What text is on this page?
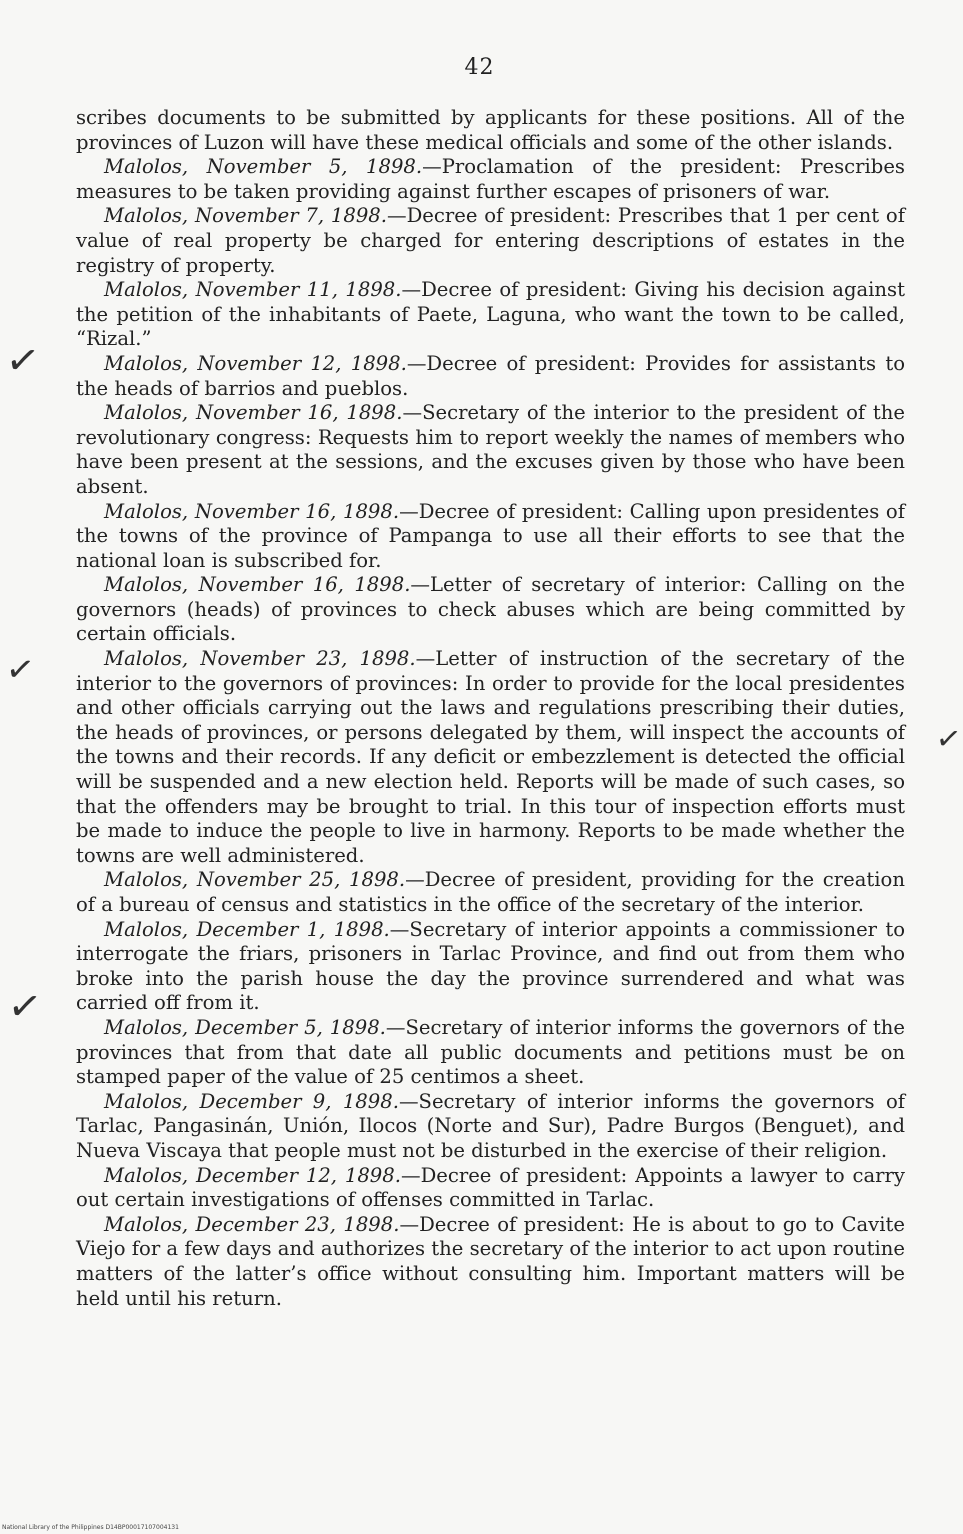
42

scribes documents to be submitted by applicants for these positions. All of the provinces of Luzon will have these medical officials and some of the other islands.

Malolos, November 5, 1898.—Proclamation of the president: Prescribes measures to be taken providing against further escapes of prisoners of war.

Malolos, November 7, 1898.—Decree of president: Prescribes that 1 per cent of value of real property be charged for entering descriptions of estates in the registry of property.

Malolos, November 11, 1898.—Decree of president: Giving his decision against the petition of the inhabitants of Paete, Laguna, who want the town to be called, “Rizal.”

Malolos, November 12, 1898.—Decree of president: Provides for assistants to the heads of barrios and pueblos.

Malolos, November 16, 1898.—Secretary of the interior to the president of the revolutionary congress: Requests him to report weekly the names of members who have been present at the sessions, and the excuses given by those who have been absent.

Malolos, November 16, 1898.—Decree of president: Calling upon presidentes of the towns of the province of Pampanga to use all their efforts to see that the national loan is subscribed for.

Malolos, November 16, 1898.—Letter of secretary of interior: Calling on the governors (heads) of provinces to check abuses which are being committed by certain officials.

Malolos, November 23, 1898.—Letter of instruction of the secretary of the interior to the governors of provinces: In order to provide for the local presidentes and other officials carrying out the laws and regulations prescribing their duties, the heads of provinces, or persons delegated by them, will inspect the accounts of the towns and their records. If any deficit or embezzlement is detected the official will be suspended and a new election held. Reports will be made of such cases, so that the offenders may be brought to trial. In this tour of inspection efforts must be made to induce the people to live in harmony. Reports to be made whether the towns are well administered.

Malolos, November 25, 1898.—Decree of president, providing for the creation of a bureau of census and statistics in the office of the secretary of the interior.

Malolos, December 1, 1898.—Secretary of interior appoints a commissioner to interrogate the friars, prisoners in Tarlac Province, and find out from them who broke into the parish house the day the province surrendered and what was carried off from it.

Malolos, December 5, 1898.—Secretary of interior informs the governors of the provinces that from that date all public documents and petitions must be on stamped paper of the value of 25 centimos a sheet.

Malolos, December 9, 1898.—Secretary of interior informs the governors of Tarlac, Pangasinán, Unión, Ilocos (Norte and Sur), Padre Burgos (Benguet), and Nueva Viscaya that people must not be disturbed in the exercise of their religion.

Malolos, December 12, 1898.—Decree of president: Appoints a lawyer to carry out certain investigations of offenses committed in Tarlac.

Malolos, December 23, 1898.—Decree of president: He is about to go to Cavite Viejo for a few days and authorizes the secretary of the interior to act upon routine matters of the latter’s office without consulting him. Important matters will be held until his return.

✓
✓
✓
✓
National Library of the Philippines D14BP00017107004131
